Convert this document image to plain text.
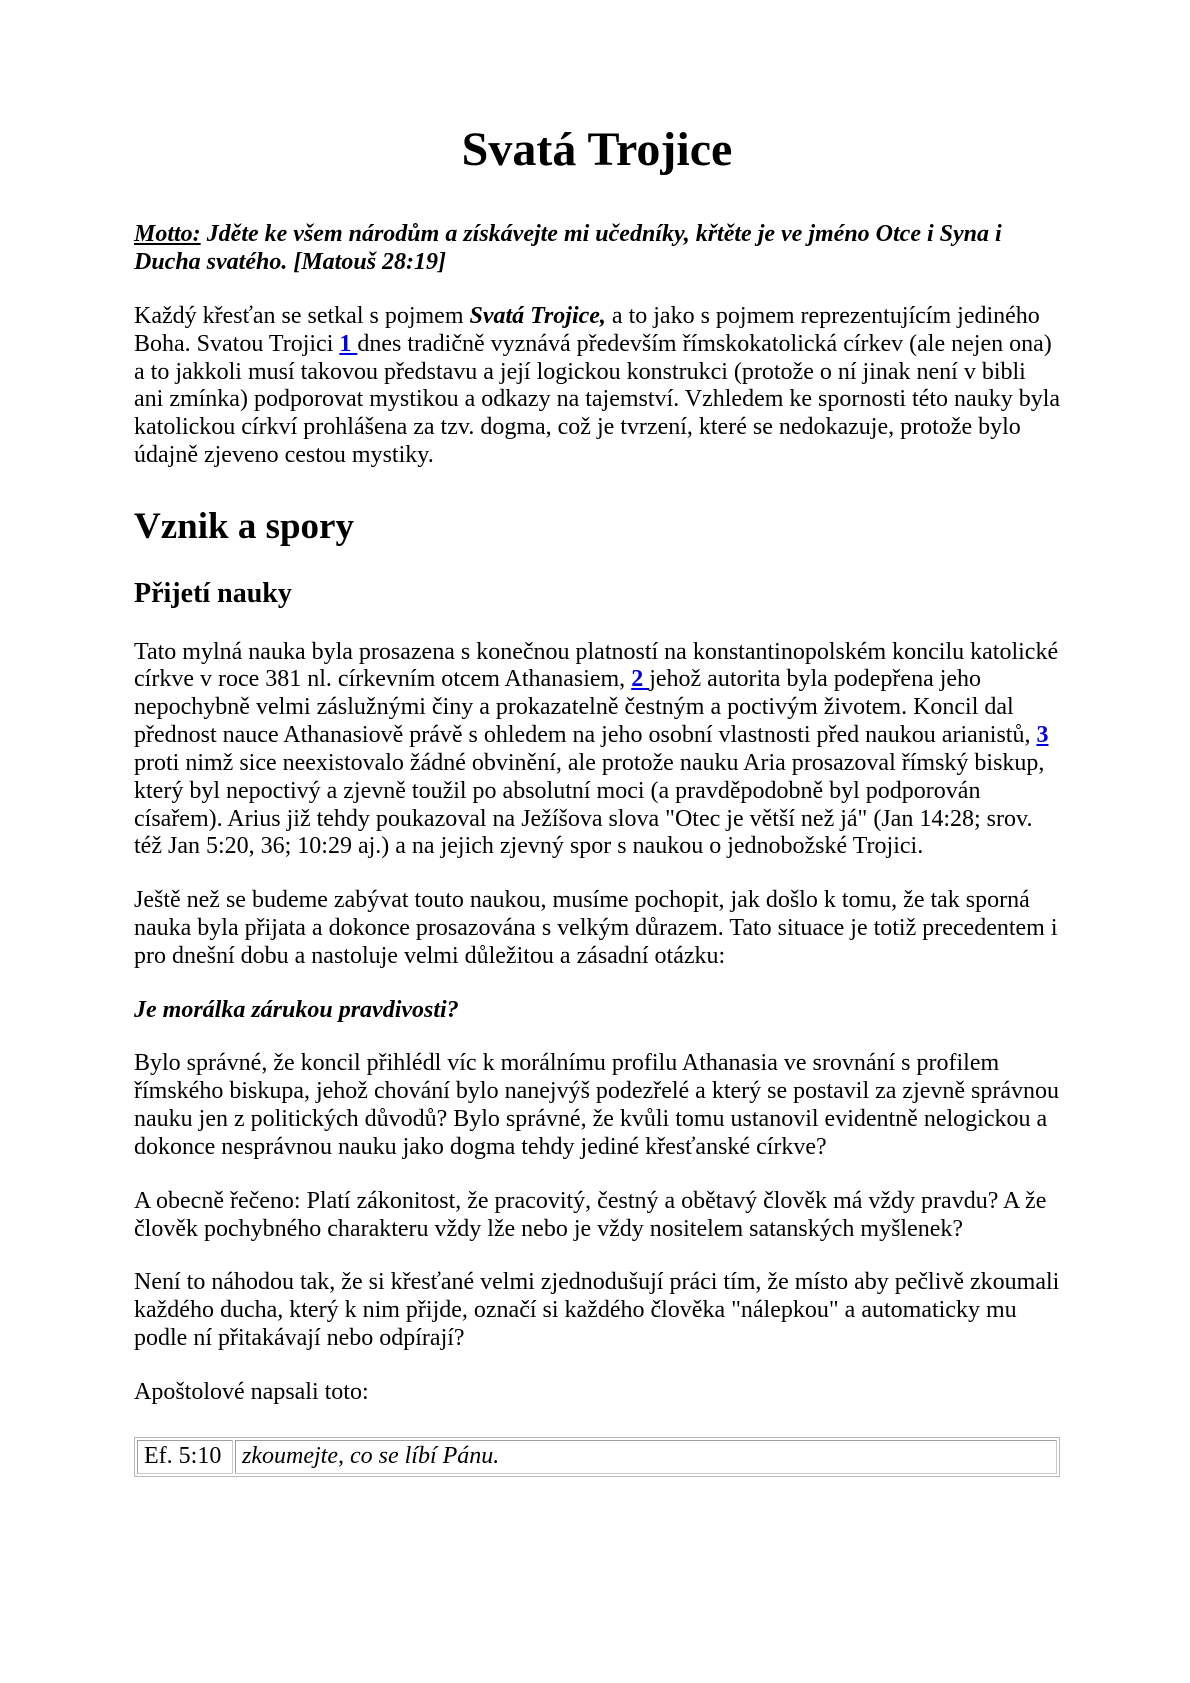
Svatá Trojice

Motto: Jděte ke všem národům a získávejte mi učedníky, křtěte je ve jméno Otce i Syna i Ducha svatého. [Matouš 28:19]

Každý křesťan se setkal s pojmem Svatá Trojice, a to jako s pojmem reprezentujícím jediného Boha. Svatou Trojici 1 dnes tradičně vyznává především římskokatolická církev (ale nejen ona) a to jakkoli musí takovou představu a její logickou konstrukci (protože o ní jinak není v bibli ani zmínka) podporovat mystikou a odkazy na tajemství. Vzhledem ke spornosti této nauky byla katolickou církví prohlášena za tzv. dogma, což je tvrzení, které se nedokazuje, protože bylo údajně zjeveno cestou mystiky.

Vznik a spory
Přijetí nauky

Tato mylná nauka byla prosazena s konečnou platností na konstantinopolském koncilu katolické církve v roce 381 nl. církevním otcem Athanasiem, 2 jehož autorita byla podepřena jeho nepochybně velmi záslužnými činy a prokazatelně čestným a poctivým životem. Koncil dal přednost nauce Athanasiově právě s ohledem na jeho osobní vlastnosti před naukou arianistů, 3 proti nimž sice neexistovalo žádné obvinění, ale protože nauku Aria prosazoval římský biskup, který byl nepoctivý a zjevně toužil po absolutní moci (a pravděpodobně byl podporován císařem). Arius již tehdy poukazoval na Ježíšova slova "Otec je větší než já" (Jan 14:28; srov. též Jan 5:20, 36; 10:29 aj.) a na jejich zjevný spor s naukou o jednobožské Trojici.

Ještě než se budeme zabývat touto naukou, musíme pochopit, jak došlo k tomu, že tak sporná nauka byla přijata a dokonce prosazována s velkým důrazem. Tato situace je totiž precedentem i pro dnešní dobu a nastoluje velmi důležitou a zásadní otázku:

Je morálka zárukou pravdivosti?

Bylo správné, že koncil přihlédl víc k morálnímu profilu Athanasia ve srovnání s profilem římského biskupa, jehož chování bylo nanejvýš podezřelé a který se postavil za zjevně správnou nauku jen z politických důvodů? Bylo správné, že kvůli tomu ustanovil evidentně nelogickou a dokonce nesprávnou nauku jako dogma tehdy jediné křesťanské církve?

A obecně řečeno: Platí zákonitost, že pracovitý, čestný a obětavý člověk má vždy pravdu? A že člověk pochybného charakteru vždy lže nebo je vždy nositelem satanských myšlenek?

Není to náhodou tak, že si křesťané velmi zjednodušují práci tím, že místo aby pečlivě zkoumali každého ducha, který k nim přijde, označí si každého člověka "nálepkou" a automaticky mu podle ní přitakávají nebo odpírají?

Apoštolové napsali toto:

Ef. 5:10	zkoumejte, co se líbí Pánu.
